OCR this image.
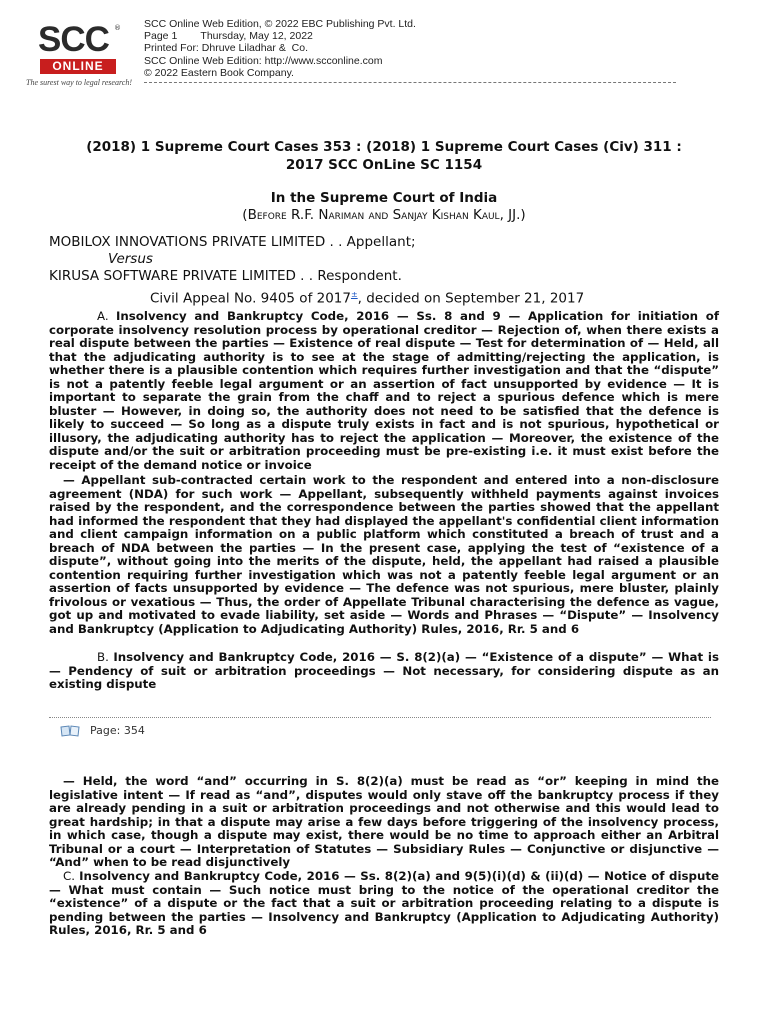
SCC ®
ONLINE
The surest way to legal research!
SCC Online Web Edition, © 2022 EBC Publishing Pvt. Ltd.
Page 1        Thursday, May 12, 2022
Printed For: Dhruve Liladhar &  Co.
SCC Online Web Edition: http://www.scconline.com
© 2022 Eastern Book Company.
(2018) 1 Supreme Court Cases 353 : (2018) 1 Supreme Court Cases (Civ) 311 :
2017 SCC OnLine SC 1154
In the Supreme Court of India
(Before R.F. Nariman and Sanjay Kishan Kaul, JJ.)
MOBILOX INNOVATIONS PRIVATE LIMITED . . Appellant;
Versus
KIRUSA SOFTWARE PRIVATE LIMITED . . Respondent.
Civil Appeal No. 9405 of 2017±, decided on September 21, 2017
A. Insolvency and Bankruptcy Code, 2016 — Ss. 8 and 9 — Application for initiation of corporate insolvency resolution process by operational creditor — Rejection of, when there exists a real dispute between the parties — Existence of real dispute — Test for determination of — Held, all that the adjudicating authority is to see at the stage of admitting/rejecting the application, is whether there is a plausible contention which requires further investigation and that the “dispute” is not a patently feeble legal argument or an assertion of fact unsupported by evidence — It is important to separate the grain from the chaff and to reject a spurious defence which is mere bluster — However, in doing so, the authority does not need to be satisfied that the defence is likely to succeed — So long as a dispute truly exists in fact and is not spurious, hypothetical or illusory, the adjudicating authority has to reject the application — Moreover, the existence of the dispute and/or the suit or arbitration proceeding must be pre-existing i.e. it must exist before the receipt of the demand notice or invoice
— Appellant sub-contracted certain work to the respondent and entered into a non-disclosure agreement (NDA) for such work — Appellant, subsequently withheld payments against invoices raised by the respondent, and the correspondence between the parties showed that the appellant had informed the respondent that they had displayed the appellant's confidential client information and client campaign information on a public platform which constituted a breach of trust and a breach of NDA between the parties — In the present case, applying the test of “existence of a dispute”, without going into the merits of the dispute, held, the appellant had raised a plausible contention requiring further investigation which was not a patently feeble legal argument or an assertion of facts unsupported by evidence — The defence was not spurious, mere bluster, plainly frivolous or vexatious — Thus, the order of Appellate Tribunal characterising the defence as vague, got up and motivated to evade liability, set aside — Words and Phrases — “Dispute” — Insolvency and Bankruptcy (Application to Adjudicating Authority) Rules, 2016, Rr. 5 and 6
B. Insolvency and Bankruptcy Code, 2016 — S. 8(2)(a) — “Existence of a dispute” — What is — Pendency of suit or arbitration proceedings — Not necessary, for considering dispute as an existing dispute
Page: 354
— Held, the word “and” occurring in S. 8(2)(a) must be read as “or” keeping in mind the legislative intent — If read as “and”, disputes would only stave off the bankruptcy process if they are already pending in a suit or arbitration proceedings and not otherwise and this would lead to great hardship; in that a dispute may arise a few days before triggering of the insolvency process, in which case, though a dispute may exist, there would be no time to approach either an Arbitral Tribunal or a court — Interpretation of Statutes — Subsidiary Rules — Conjunctive or disjunctive — “And” when to be read disjunctively
C. Insolvency and Bankruptcy Code, 2016 — Ss. 8(2)(a) and 9(5)(i)(d) & (ii)(d) — Notice of dispute — What must contain — Such notice must bring to the notice of the operational creditor the “existence” of a dispute or the fact that a suit or arbitration proceeding relating to a dispute is pending between the parties — Insolvency and Bankruptcy (Application to Adjudicating Authority) Rules, 2016, Rr. 5 and 6
